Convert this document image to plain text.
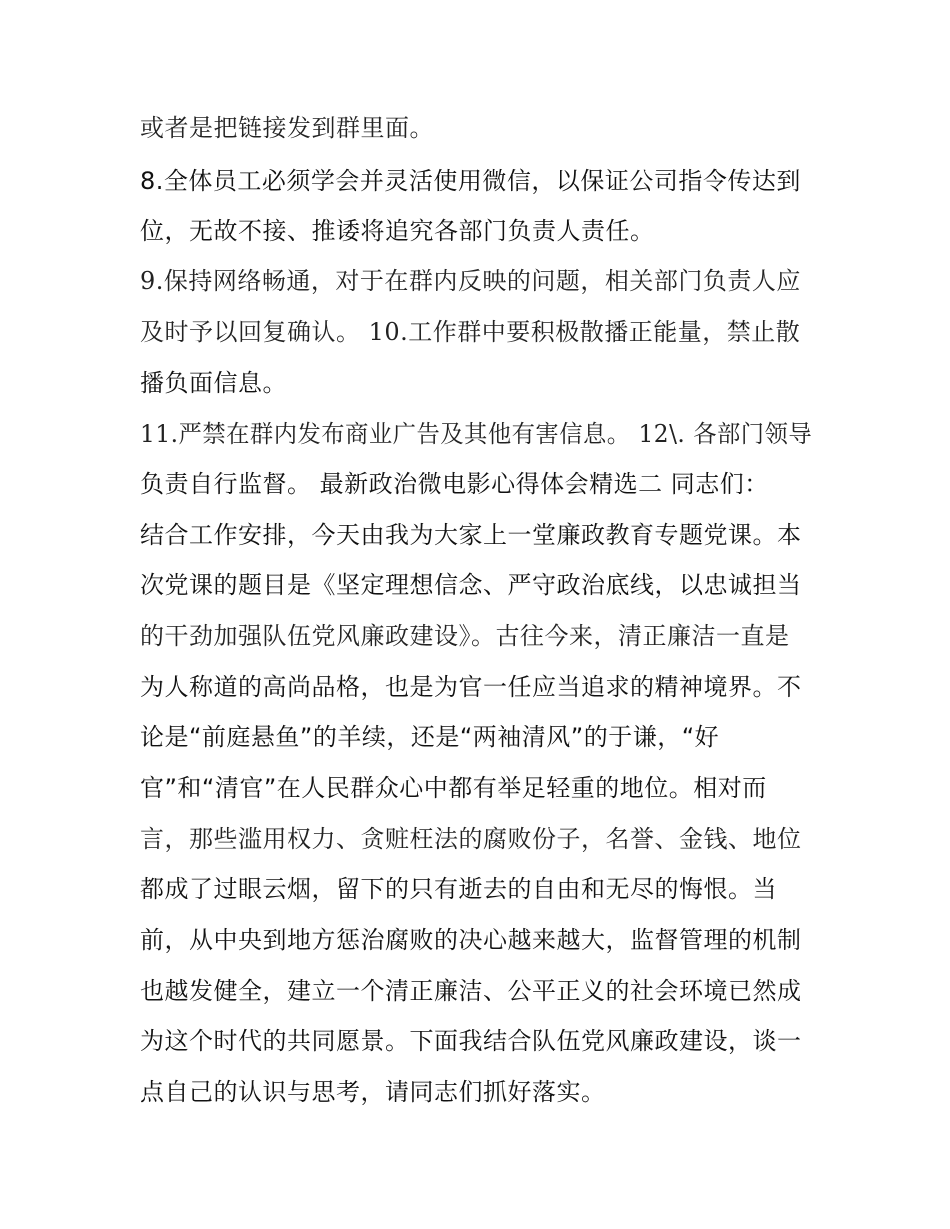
或者是把链接发到群里面。
8.全体员工必须学会并灵活使用微信，以保证公司指令传达到
位，无故不接、推诿将追究各部门负责人责任。
9.保持网络畅通，对于在群内反映的问题，相关部门负责人应
及时予以回复确认。 10.工作群中要积极散播正能量，禁止散
播负面信息。
11.严禁在群内发布商业广告及其他有害信息。 12\. 各部门领导
负责自行监督。 最新政治微电影心得体会精选二 同志们：
结合工作安排，今天由我为大家上一堂廉政教育专题党课。本
次党课的题目是《坚定理想信念、严守政治底线，以忠诚担当
的干劲加强队伍党风廉政建设》。古往今来，清正廉洁一直是
为人称道的高尚品格，也是为官一任应当追求的精神境界。不
论是“前庭悬鱼”的羊续，还是“两袖清风”的于谦，“好
官”和“清官”在人民群众心中都有举足轻重的地位。相对而
言，那些滥用权力、贪赃枉法的腐败份子，名誉、金钱、地位
都成了过眼云烟，留下的只有逝去的自由和无尽的悔恨。当
前，从中央到地方惩治腐败的决心越来越大，监督管理的机制
也越发健全，建立一个清正廉洁、公平正义的社会环境已然成
为这个时代的共同愿景。下面我结合队伍党风廉政建设，谈一
点自己的认识与思考，请同志们抓好落实。
